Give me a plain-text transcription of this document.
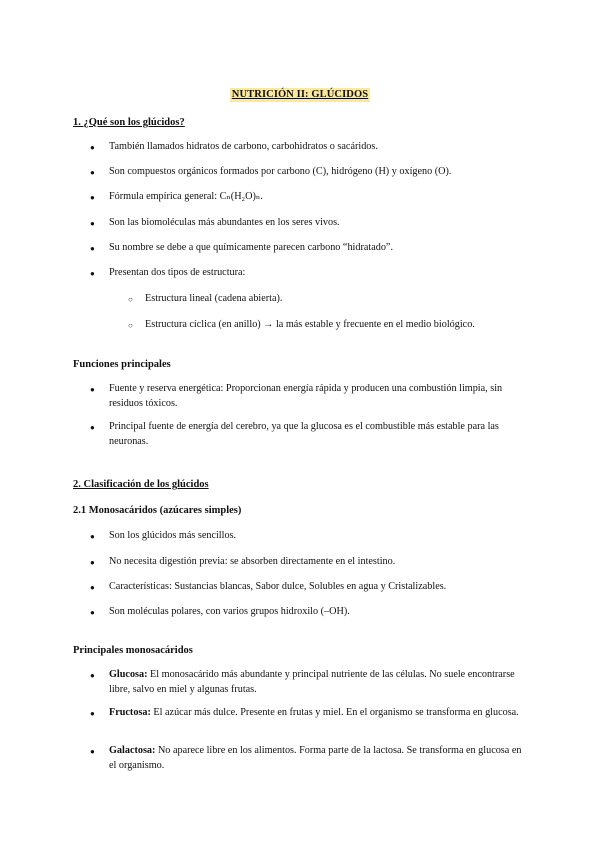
NUTRICIÓN II: GLÚCIDOS
1. ¿Qué son los glúcidos?
● También llamados hidratos de carbono, carbohidratos o sacáridos.
● Son compuestos orgánicos formados por carbono (C), hidrógeno (H) y oxígeno (O).
● Fórmula empírica general: Cₙ(H₂O)ₙ.
● Son las biomoléculas más abundantes en los seres vivos.
● Su nombre se debe a que químicamente parecen carbono “hidratado”.
● Presentan dos tipos de estructura:
○ Estructura lineal (cadena abierta).
○ Estructura cíclica (en anillo) → la más estable y frecuente en el medio biológico.
Funciones principales
● Fuente y reserva energética: Proporcionan energía rápida y producen una combustión limpia, sin residuos tóxicos.
● Principal fuente de energía del cerebro, ya que la glucosa es el combustible más estable para las neuronas.
2. Clasificación de los glúcidos
2.1 Monosacáridos (azúcares simples)
● Son los glúcidos más sencillos.
● No necesita digestión previa: se absorben directamente en el intestino.
● Características: Sustancias blancas, Sabor dulce, Solubles en agua y Cristalizables.
● Son moléculas polares, con varios grupos hidroxilo (–OH).
Principales monosacáridos
● Glucosa: El monosacárido más abundante y principal nutriente de las células. No suele encontrarse libre, salvo en miel y algunas frutas.
● Fructosa: El azúcar más dulce. Presente en frutas y miel. En el organismo se transforma en glucosa.
● Galactosa: No aparece libre en los alimentos. Forma parte de la lactosa. Se transforma en glucosa en el organismo.
